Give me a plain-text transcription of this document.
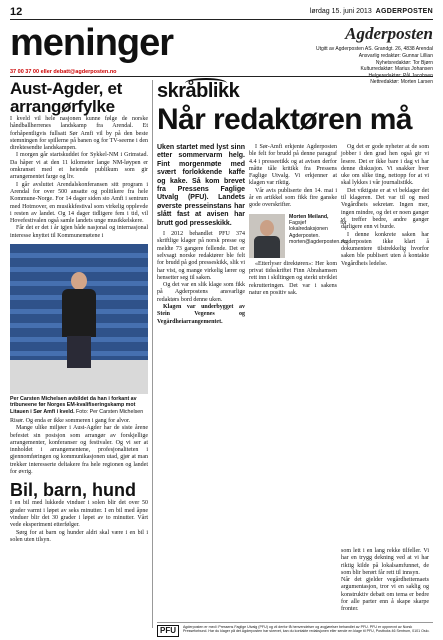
12	lørdag 15. juni 2013 AGDERPOSTEN
meninger
37 00 37 00 eller debatt@agderposten.no
Agderposten
Utgitt av Agderposten AS. Grandgt. 26, 4838 Arendal
Ansvarlig redaktør: Gunnar Lillian
Nyhetsredaktør: Tor Bjørn
Kulturredaktør: Marius Johansen
Helgeredaktør: Pål Jacobsen
Nettredaktør: Morten Larsen
Aust-Agder, et arrangørfylke

I kveld vil hele nasjonen kunne følge de norske håndballherrenes landskamp fra Arendal. Et forhåpentligvis fullsatt Sør Amfi vil by på den beste stemningen for spillerne på banen og for TV-seerne i den direktesendte landskampen.

I morgen går startskuddet for Sykkel-NM i Grimstad. Da håper vi at den 11 kilometer lange NM-løypen er omkranset med et heiende publikum som gir arrangementet farge og liv.

I går avsluttet Arendalskonferansen sitt program i Arendal for over 500 ansatte og politikere fra hele Kommune-Norge. For 14 dager siden sto Amfi i sentrum med Hotmover, en musikkfestival som virkelig opplevde i resten av landet. Og 14 dager tidligere fem i tid, vil Hovefestivalen også samle landets unge musikkelskere.

Får det er det i år igjen både nasjonal og internasjonal interesse knyttet til Kommunemøtene i

Per Carsten Michelsen avbildet da han i forkant av tribuneene før Norges EM-kvalifiseringskamp mot Litauen i Sør Amfi i kveld. Foto: Per Carsten Michelsen

Risør. Og enda er ikke sommeren i gang for alvor.

Mange ulike miljøer i Aust-Agder har de siste årene befestet sin posisjon som arrangør av forskjellige arrangementer, konferanser og festivaler. Og vi ser at innholdet i arrangementene, profesjonaliteten i gjennomføringen og kommunikasjonen utad, gjør at man trekker interesserte deltakere fra hele regionen og landet for øvrig.

Bil, barn, hund

I en bil med lukkede vinduer i solen blir det over 50 grader varmt i løpet av seks minutter. I en bil med åpne vinduer blir det 30 grader i løpet av to minutter. Vårt vede eksperiment etterfølger.

Sørg for at barn og hunder aldri skal være i en bil i solen uten tilsyn.

skråblikk
Når redaktøren må

Uken startet med lyst sinn etter sommervarm helg. Fint morgenmøte med svært forlokkende kaffe og kake. Så kom brevet fra Pressens Faglige Utvalg (PFU). Landets øverste presseinstans har slått fast at avisen har brutt god presseskikk.

I 2012 behandlet PFU 374 skriftlige klager på norsk presse og meldte 73 gangere fellende. Det er selvsagt norske redaktører ble felt for brudd på god presseskikk, slik vi har vist, og mange virkelig lærer og hensetter seg til saken.

Og det var en slik klage som fikk på Agderpostens ansvarlige redaktørs bord denne uken.

Klagen var underbygget av Stein Vegenes og Vegårdheiarrangementet.

I Sør-Amfi erkjente Agderposten ble felt for brudd på denne paragraf 4.4 i presseetikk og at avisen derfor måtte tåle kritikk fra Pressens Faglige Utvalg. Vi erkjenner at klagen var riktig.

Vår avis publiserte den 14. mai i år en artikkel som fikk fire ganske gode overskrifter.

Morten Meiland,
Fagsjef for lokalredaksjonen i Agderposten.
morten@agderposten.no

«Etterlyser direktøren»: Her kom privat tidsskriftet Finn Abrahamsen rett inn i skiltingen og sterkt utviklet rekrutteringen. Det var i sakens natur en positiv sak.

Og det er gode nyheter at de som jobber i den grad hen også gir vi lesere. Det er ikke bare i dag vi har denne diskusjon. Vi snakker hver uke om slike ting, nettopp for at vi skal lykkes i vår journalistikk.

Det viktigste er at vi beklager det til klageren. Det var til og med Vegårdheis sekretær. Ingen mer, ingen mindre, og det er noen ganger vi treffer bedre, andre ganger dårligere enn vi burde.

I denne konkrete saken har Agderposten ikke klart å dokumentere tilstrekkelig hvorfor saken ble publisert uten å kontakte Vegårdheis ledelse.

som lett i en lang rekke tilfeller. Vi har en trygg dekning ved at vi har riktig kilde på lokalsamfunnet, de som blir berørt får rett til innsyn.

Når det gjelder vegårdheitemaets argumentasjon, tror vi en saklig og konstruktiv debatt om tema er bedre for alle parter enn å skape skarpe fronter.

PFU	Agderposten er med i Pressens Faglige Utvalg (PFU) og vil derfor få henvendelser og avgjørelser behandlet av PFU. PFU er oppnevnt av Norsk Presseforbund. Har du klager på det Agderposten har skrevet, kan du kontakte redaksjonen eller sende en klage til PFU, Postboks 46 Sentrum, 0101 Oslo.
